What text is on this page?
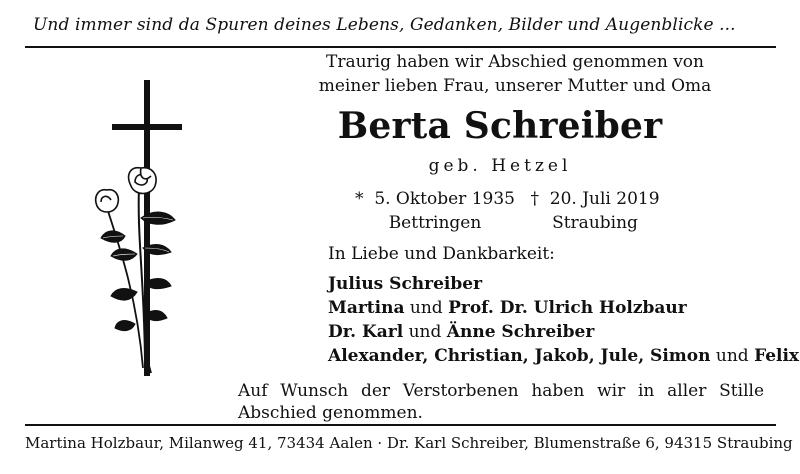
Und immer sind da Spuren deines Lebens, Gedanken, Bilder und Augenblicke ...
Traurig haben wir Abschied genommen von
meiner lieben Frau, unserer Mutter und Oma
Berta Schreiber
geb. Hetzel
* 5. Oktober 1935
Bettringen
† 20. Juli 2019
Straubing
In Liebe und Dankbarkeit:
Julius Schreiber
Martina und Prof. Dr. Ulrich Holzbaur
Dr. Karl und Änne Schreiber
Alexander, Christian, Jakob, Jule, Simon und Felix
Auf Wunsch der Verstorbenen haben wir in aller Stille
Abschied genommen.
Martina Holzbaur, Milanweg 41, 73434 Aalen · Dr. Karl Schreiber, Blumenstraße 6, 94315 Straubing
